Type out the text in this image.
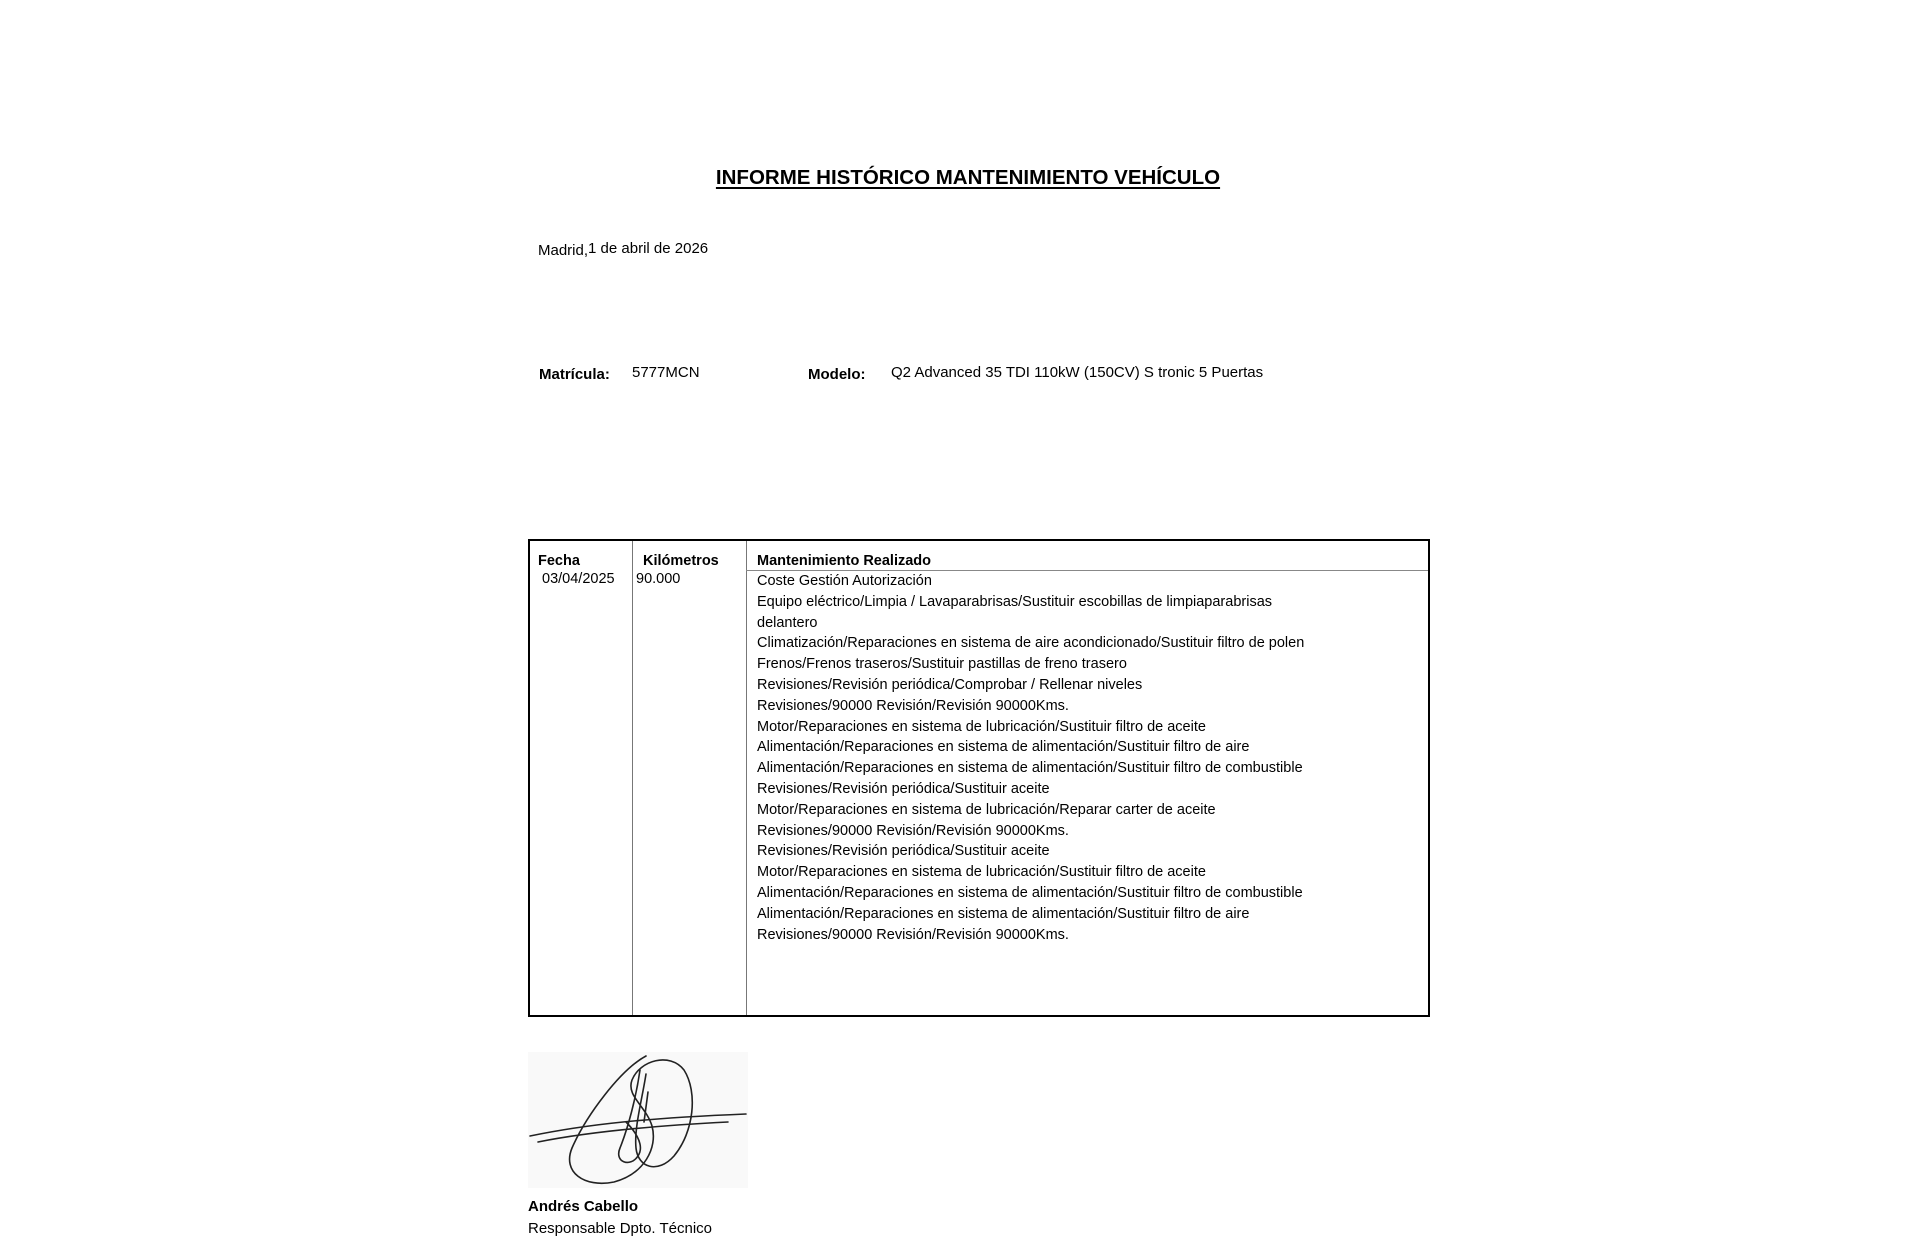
INFORME HISTÓRICO MANTENIMIENTO VEHÍCULO
Madrid,1 de abril de 2026
Matrícula: 5777MCN	Modelo: Q2 Advanced 35 TDI 110kW (150CV) S tronic 5 Puertas
Fecha	Kilómetros	Mantenimiento Realizado
03/04/2025 90.000	Coste Gestión Autorización
Equipo eléctrico/Limpia / Lavaparabrisas/Sustituir escobillas de limpiaparabrisas delantero
Climatización/Reparaciones en sistema de aire acondicionado/Sustituir filtro de polen
Frenos/Frenos traseros/Sustituir pastillas de freno trasero
Revisiones/Revisión periódica/Comprobar / Rellenar niveles
Revisiones/90000 Revisión/Revisión 90000Kms.
Motor/Reparaciones en sistema de lubricación/Sustituir filtro de aceite
Alimentación/Reparaciones en sistema de alimentación/Sustituir filtro de aire
Alimentación/Reparaciones en sistema de alimentación/Sustituir filtro de combustible
Revisiones/Revisión periódica/Sustituir aceite
Motor/Reparaciones en sistema de lubricación/Reparar carter de aceite
Revisiones/90000 Revisión/Revisión 90000Kms.
Revisiones/Revisión periódica/Sustituir aceite
Motor/Reparaciones en sistema de lubricación/Sustituir filtro de aceite
Alimentación/Reparaciones en sistema de alimentación/Sustituir filtro de combustible
Alimentación/Reparaciones en sistema de alimentación/Sustituir filtro de aire
Revisiones/90000 Revisión/Revisión 90000Kms.
Andrés Cabello
Responsable Dpto. Técnico
